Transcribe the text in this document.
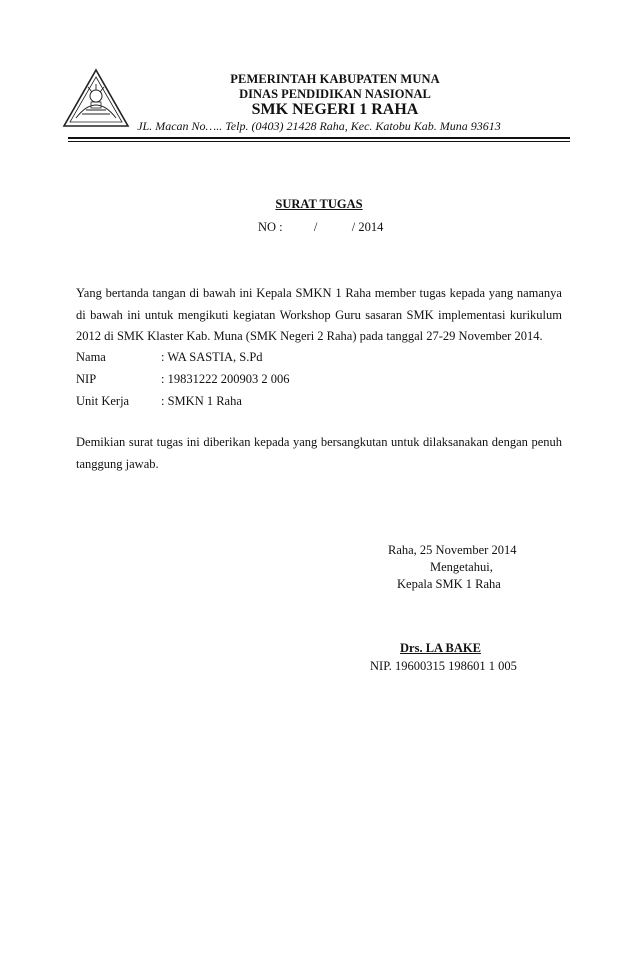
PEMERINTAH KABUPATEN MUNA
DINAS PENDIDIKAN NASIONAL
SMK NEGERI 1 RAHA
JL. Macan No….. Telp. (0403) 21428 Raha, Kec. Katobu Kab. Muna 93613
SURAT TUGAS
NO :          /           / 2014
Yang bertanda tangan di bawah ini Kepala SMKN 1 Raha member tugas kepada yang namanya di bawah ini untuk mengikuti kegiatan Workshop Guru sasaran SMK implementasi kurikulum 2012 di SMK Klaster Kab. Muna (SMK Negeri 2 Raha) pada tanggal 27-29 November 2014.
Nama	: WA SASTIA, S.Pd
NIP	: 19831222 200903 2 006
Unit Kerja	: SMKN 1 Raha
Demikian surat tugas ini diberikan kepada yang bersangkutan untuk dilaksanakan dengan penuh tanggung jawab.
Raha, 25 November 2014
Mengetahui,
Kepala SMK 1 Raha
Drs. LA BAKE
NIP. 19600315 198601 1 005
